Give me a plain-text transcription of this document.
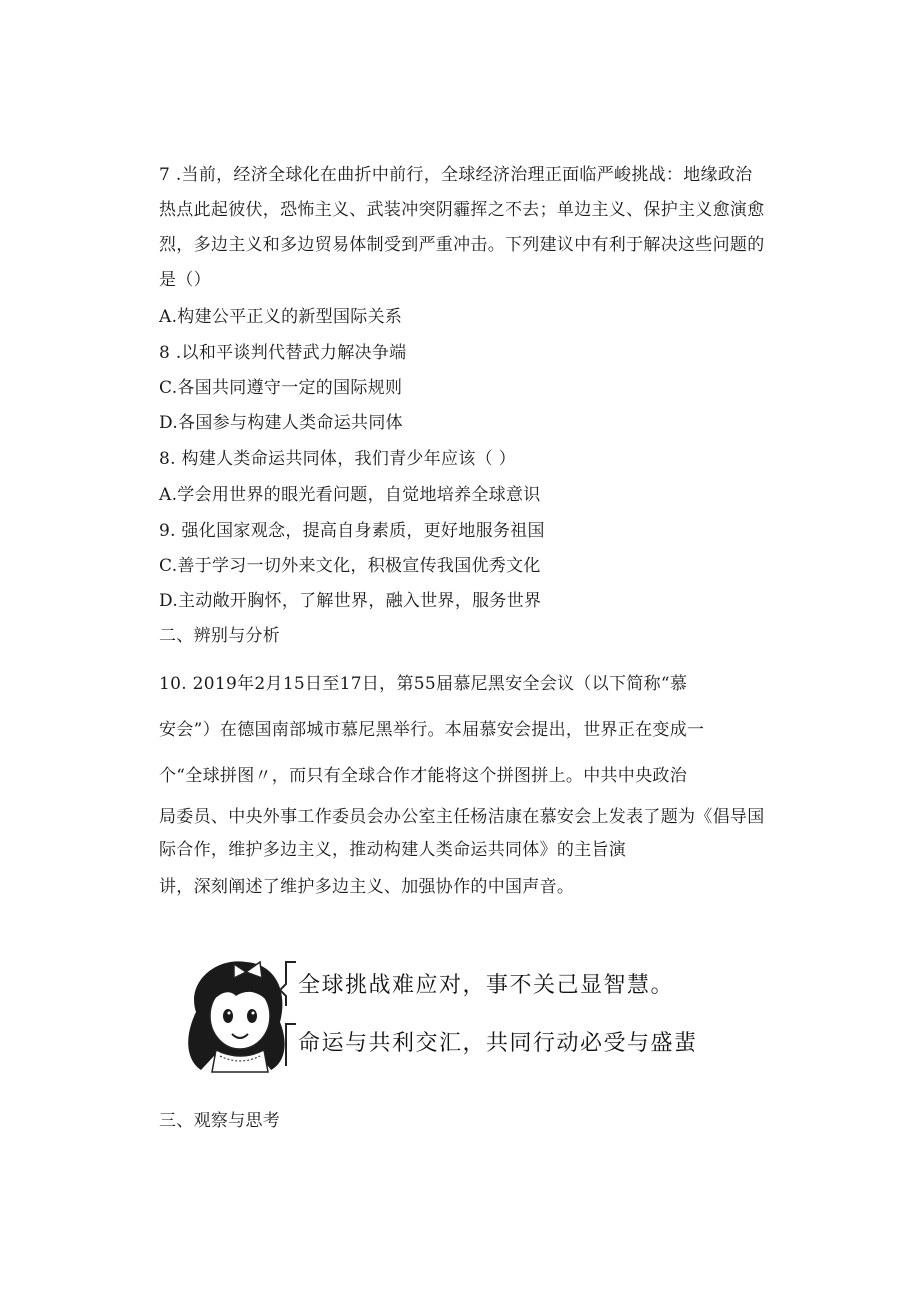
7 .当前，经济全球化在曲折中前行，全球经济治理正面临严峻挑战：地缘政治
热点此起彼伏，恐怖主义、武装冲突阴霾挥之不去；单边主义、保护主义愈演愈
烈，多边主义和多边贸易体制受到严重冲击。下列建议中有利于解决这些问题的
是（）
A.构建公平正义的新型国际关系
8 .以和平谈判代替武力解决争端
C.各国共同遵守一定的国际规则
D.各国参与构建人类命运共同体
8. 构建人类命运共同体，我们青少年应该（ ）
A.学会用世界的眼光看问题，自觉地培养全球意识
9. 强化国家观念，提高自身素质，更好地服务祖国
C.善于学习一切外来文化，积极宣传我国优秀文化
D.主动敞开胸怀，了解世界，融入世界，服务世界
二、辨别与分析
10. 2019年2月15日至17日，第55届慕尼黑安全会议（以下简称“慕
安会”）在德国南部城市慕尼黑举行。本届慕安会提出，世界正在变成一
个“全球拼图〃，而只有全球合作才能将这个拼图拼上。中共中央政治
局委员、中央外事工作委员会办公室主任杨洁康在慕安会上发表了题为《倡导国
际合作，维护多边主义，推动构建人类命运共同体》的主旨演
讲，深刻阐述了维护多边主义、加强协作的中国声音。
全球挑战难应对，事不关己显智慧。
命运与共利交汇，共同行动必受与盛蜚
三、观察与思考
